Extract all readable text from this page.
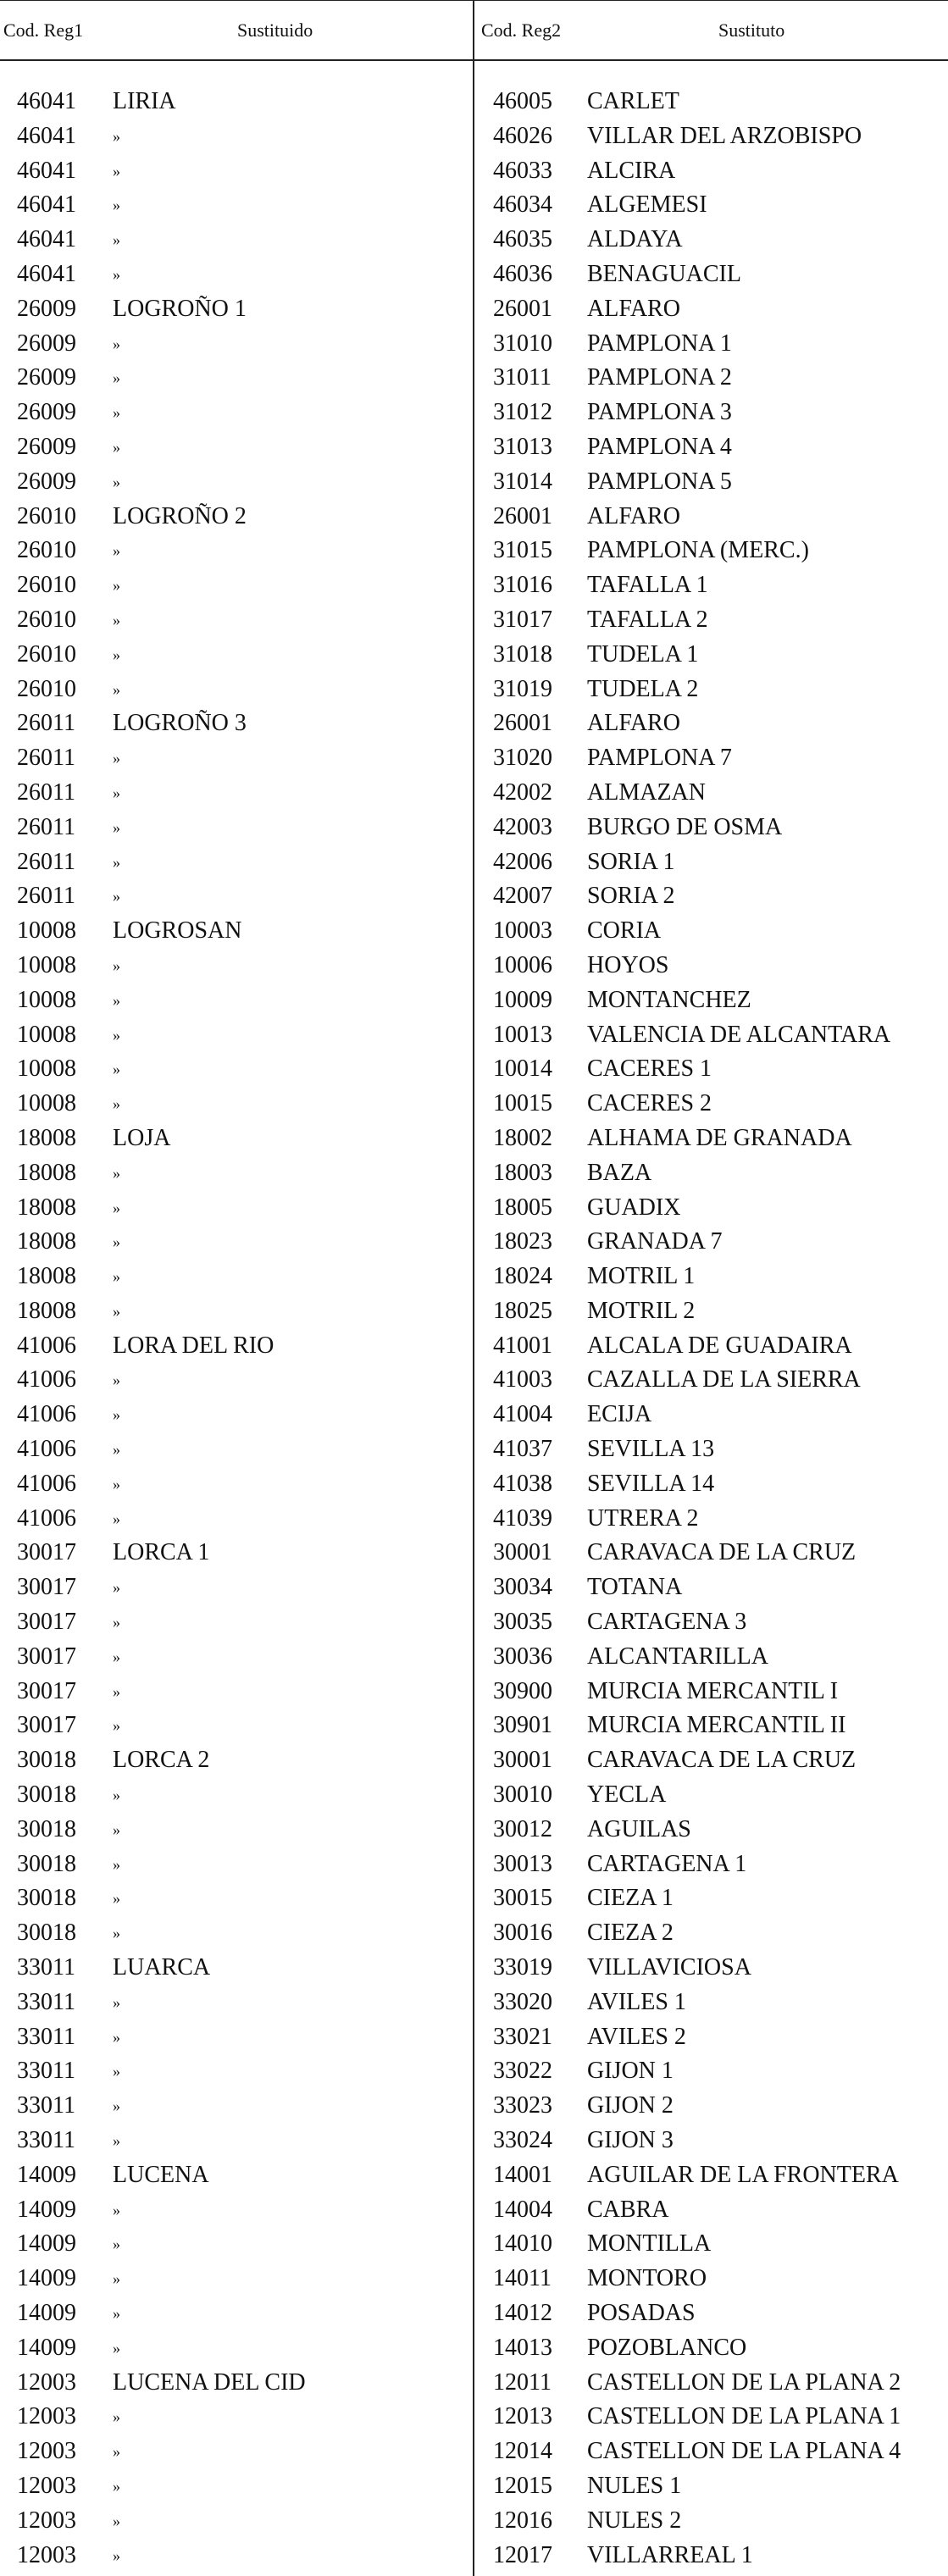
Cod. Reg1	Sustituido	Cod. Reg2	Sustituto
46041 LIRIA	46005 CARLET
46041 »	46026 VILLAR DEL ARZOBISPO
46041 »	46033 ALCIRA
46041 »	46034 ALGEMESI
46041 »	46035 ALDAYA
46041 »	46036 BENAGUACIL
26009 LOGROÑO 1	26001 ALFARO
26009 »	31010 PAMPLONA 1
26009 »	31011 PAMPLONA 2
26009 »	31012 PAMPLONA 3
26009 »	31013 PAMPLONA 4
26009 »	31014 PAMPLONA 5
26010 LOGROÑO 2	26001 ALFARO
26010 »	31015 PAMPLONA (MERC.)
26010 »	31016 TAFALLA 1
26010 »	31017 TAFALLA 2
26010 »	31018 TUDELA 1
26010 »	31019 TUDELA 2
26011 LOGROÑO 3	26001 ALFARO
26011 »	31020 PAMPLONA 7
26011 »	42002 ALMAZAN
26011 »	42003 BURGO DE OSMA
26011 »	42006 SORIA 1
26011 »	42007 SORIA 2
10008 LOGROSAN	10003 CORIA
10008 »	10006 HOYOS
10008 »	10009 MONTANCHEZ
10008 »	10013 VALENCIA DE ALCANTARA
10008 »	10014 CACERES 1
10008 »	10015 CACERES 2
18008 LOJA	18002 ALHAMA DE GRANADA
18008 »	18003 BAZA
18008 »	18005 GUADIX
18008 »	18023 GRANADA 7
18008 »	18024 MOTRIL 1
18008 »	18025 MOTRIL 2
41006 LORA DEL RIO	41001 ALCALA DE GUADAIRA
41006 »	41003 CAZALLA DE LA SIERRA
41006 »	41004 ECIJA
41006 »	41037 SEVILLA 13
41006 »	41038 SEVILLA 14
41006 »	41039 UTRERA 2
30017 LORCA 1	30001 CARAVACA DE LA CRUZ
30017 »	30034 TOTANA
30017 »	30035 CARTAGENA 3
30017 »	30036 ALCANTARILLA
30017 »	30900 MURCIA MERCANTIL I
30017 »	30901 MURCIA MERCANTIL II
30018 LORCA 2	30001 CARAVACA DE LA CRUZ
30018 »	30010 YECLA
30018 »	30012 AGUILAS
30018 »	30013 CARTAGENA 1
30018 »	30015 CIEZA 1
30018 »	30016 CIEZA 2
33011 LUARCA	33019 VILLAVICIOSA
33011 »	33020 AVILES 1
33011 »	33021 AVILES 2
33011 »	33022 GIJON 1
33011 »	33023 GIJON 2
33011 »	33024 GIJON 3
14009 LUCENA	14001 AGUILAR DE LA FRONTERA
14009 »	14004 CABRA
14009 »	14010 MONTILLA
14009 »	14011 MONTORO
14009 »	14012 POSADAS
14009 »	14013 POZOBLANCO
12003 LUCENA DEL CID	12011 CASTELLON DE LA PLANA 2
12003 »	12013 CASTELLON DE LA PLANA 1
12003 »	12014 CASTELLON DE LA PLANA 4
12003 »	12015 NULES 1
12003 »	12016 NULES 2
12003 »	12017 VILLARREAL 1
